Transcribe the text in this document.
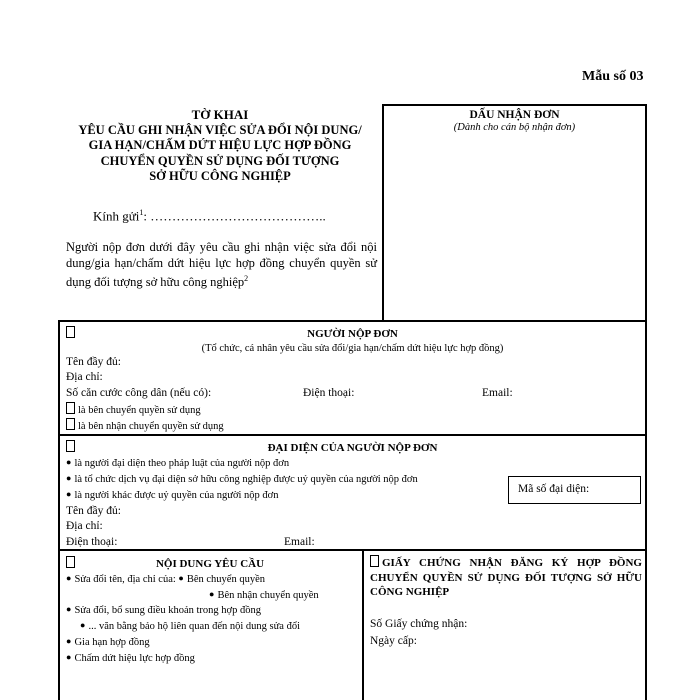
Mẫu số 03
TỜ KHAI
YÊU CẦU GHI NHẬN VIỆC SỬA ĐỔI NỘI DUNG/
GIA HẠN/CHẤM DỨT HIỆU LỰC HỢP ĐỒNG
CHUYỂN QUYỀN SỬ DỤNG ĐỐI TƯỢNG
SỞ HỮU CÔNG NGHIỆP
DẤU NHẬN ĐƠN
(Dành cho cán bộ nhận đơn)
Kính gửi$^1$: …………………………………..
Người nộp đơn dưới đây yêu cầu ghi nhận việc sửa đổi nội dung/gia hạn/chấm dứt hiệu lực hợp đồng chuyển quyền sử dụng đối tượng sở hữu công nghiệp$^2$
NGƯỜI NỘP ĐƠN
(Tổ chức, cá nhân yêu cầu sửa đổi/gia hạn/chấm dứt hiệu lực hợp đồng)
Tên đầy đủ:
Địa chỉ:
Số căn cước công dân (nếu có):	Điện thoại:	Email:
là bên chuyển quyền sử dụng
là bên nhận chuyển quyền sử dụng
ĐẠI DIỆN CỦA NGƯỜI NỘP ĐƠN
● là người đại diện theo pháp luật của người nộp đơn
● là tổ chức dịch vụ đại diện sở hữu công nghiệp được uỷ quyền của người nộp đơn
● là người khác được uỷ quyền của người nộp đơn
Mã số đại diện:
Tên đầy đủ:
Địa chỉ:
Điện thoại:	Email:
NỘI DUNG YÊU CẦU
● Sửa đổi tên, địa chỉ của: ● Bên chuyển quyền
● Bên nhận chuyển quyền
● Sửa đổi, bổ sung điều khoản trong hợp đồng
● ... văn bằng bảo hộ liên quan đến nội dung sửa đổi
● Gia hạn hợp đồng
● Chấm dứt hiệu lực hợp đồng
GIẤY CHỨNG NHẬN ĐĂNG KÝ HỢP ĐỒNG CHUYỂN QUYỀN SỬ DỤNG ĐỐI TƯỢNG SỞ HỮU CÔNG NGHIỆP
Số Giấy chứng nhận:
Ngày cấp:
